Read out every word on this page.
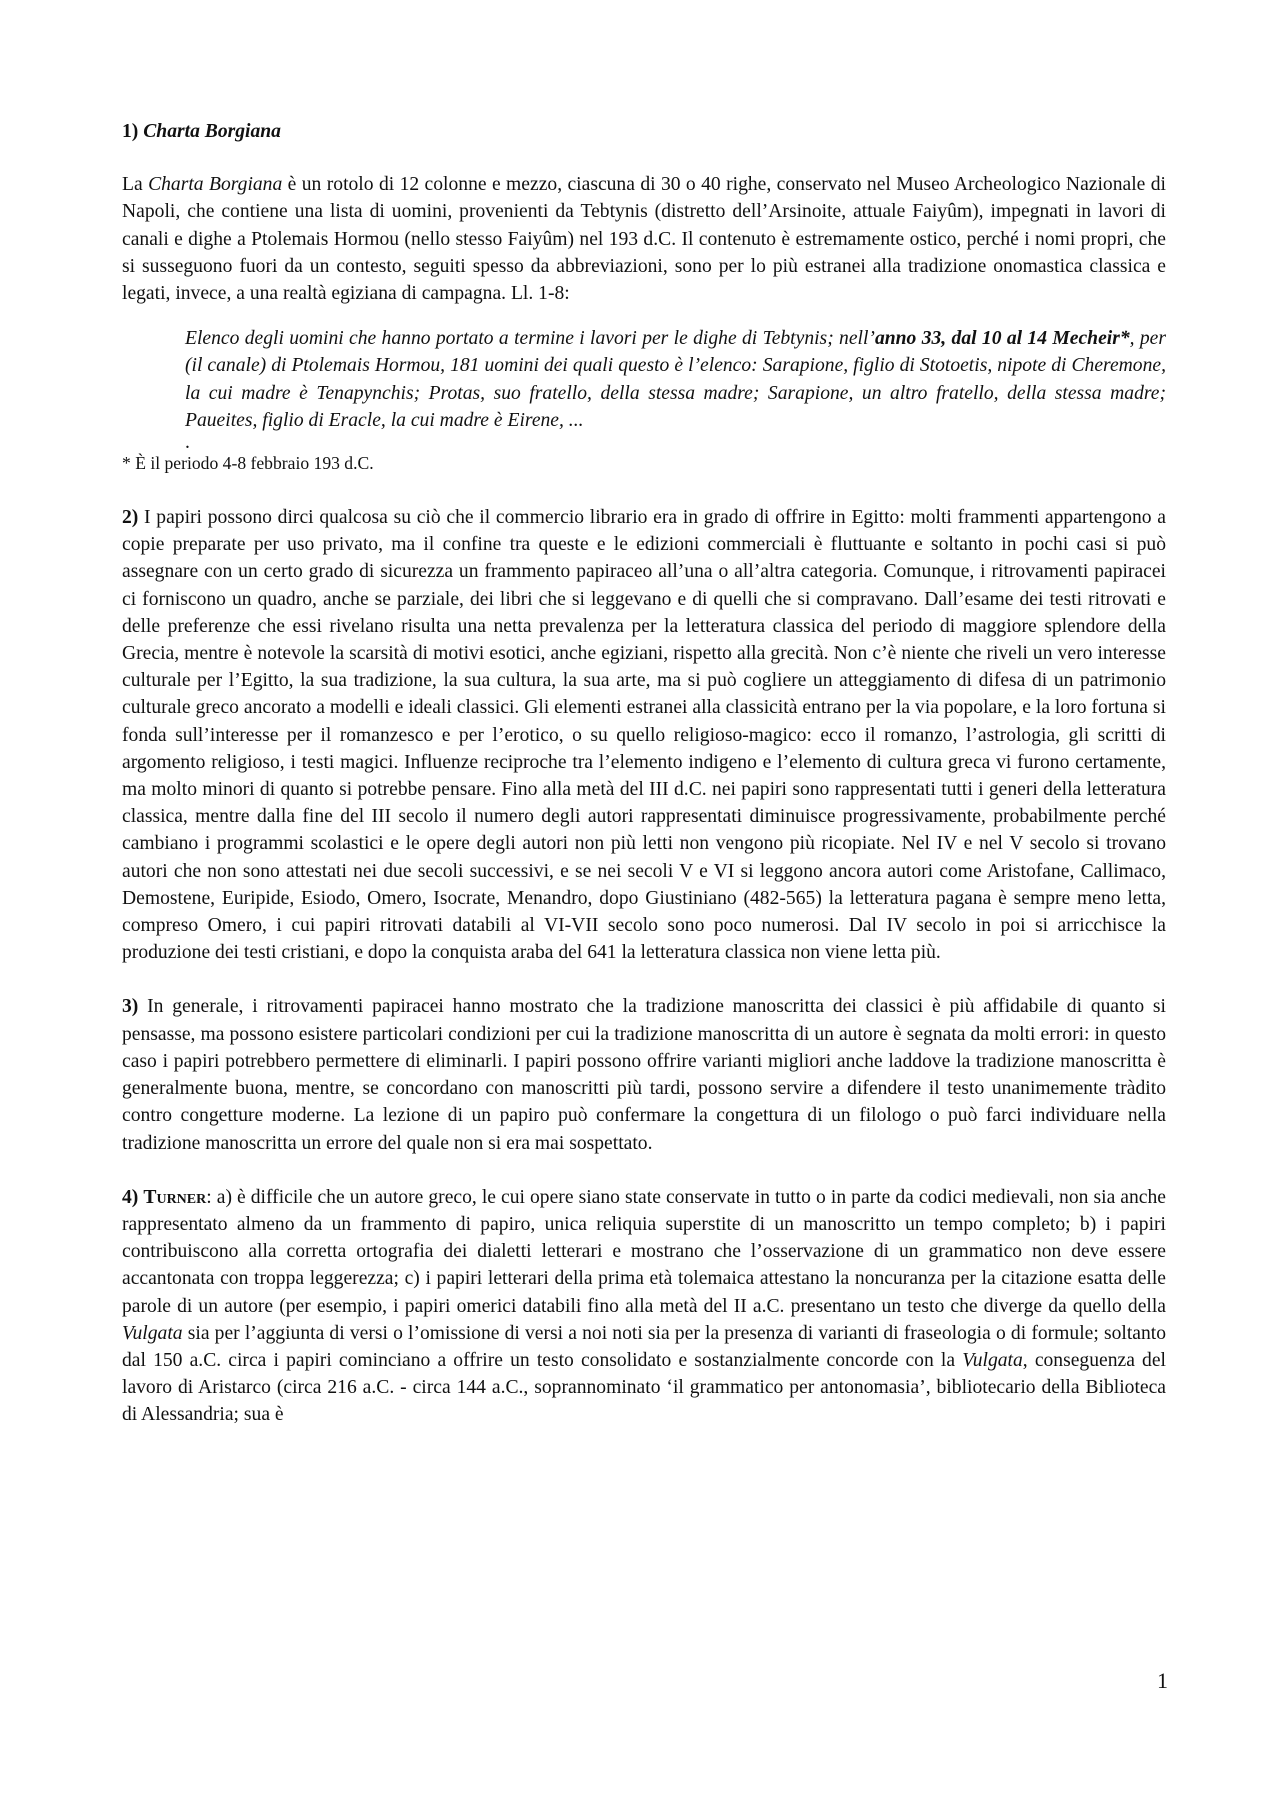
1) Charta Borgiana

La Charta Borgiana è un rotolo di 12 colonne e mezzo, ciascuna di 30 o 40 righe, conservato nel Museo Archeologico Nazionale di Napoli, che contiene una lista di uomini, provenienti da Tebtynis (distretto dell’Arsinoite, attuale Faiyûm), impegnati in lavori di canali e dighe a Ptolemais Hormou (nello stesso Faiyûm) nel 193 d.C. Il contenuto è estremamente ostico, perché i nomi propri, che si susseguono fuori da un contesto, seguiti spesso da abbreviazioni, sono per lo più estranei alla tradizione onomastica classica e legati, invece, a una realtà egiziana di campagna. Ll. 1-8:

Elenco degli uomini che hanno portato a termine i lavori per le dighe di Tebtynis; nell’anno 33, dal 10 al 14 Mecheir*, per (il canale) di Ptolemais Hormou, 181 uomini dei quali questo è l’elenco: Sarapione, figlio di Stotoetis, nipote di Cheremone, la cui madre è Tenapynchis; Protas, suo fratello, della stessa madre; Sarapione, un altro fratello, della stessa madre; Paueites, figlio di Eracle, la cui madre è Eirene, ...

.

* È il periodo 4-8 febbraio 193 d.C.

2) I papiri possono dirci qualcosa su ciò che il commercio librario era in grado di offrire in Egitto: molti frammenti appartengono a copie preparate per uso privato, ma il confine tra queste e le edizioni commerciali è fluttuante e soltanto in pochi casi si può assegnare con un certo grado di sicurezza un frammento papiraceo all’una o all’altra categoria. Comunque, i ritrovamenti papiracei ci forniscono un quadro, anche se parziale, dei libri che si leggevano e di quelli che si compravano. Dall’esame dei testi ritrovati e delle preferenze che essi rivelano risulta una netta prevalenza per la letteratura classica del periodo di maggiore splendore della Grecia, mentre è notevole la scarsità di motivi esotici, anche egiziani, rispetto alla grecità. Non c’è niente che riveli un vero interesse culturale per l’Egitto, la sua tradizione, la sua cultura, la sua arte, ma si può cogliere un atteggiamento di difesa di un patrimonio culturale greco ancorato a modelli e ideali classici. Gli elementi estranei alla classicità entrano per la via popolare, e la loro fortuna si fonda sull’interesse per il romanzesco e per l’erotico, o su quello religioso-magico: ecco il romanzo, l’astrologia, gli scritti di argomento religioso, i testi magici. Influenze reciproche tra l’elemento indigeno e l’elemento di cultura greca vi furono certamente, ma molto minori di quanto si potrebbe pensare. Fino alla metà del III d.C. nei papiri sono rappresentati tutti i generi della letteratura classica, mentre dalla fine del III secolo il numero degli autori rappresentati diminuisce progressivamente, probabilmente perché cambiano i programmi scolastici e le opere degli autori non più letti non vengono più ricopiate. Nel IV e nel V secolo si trovano autori che non sono attestati nei due secoli successivi, e se nei secoli V e VI si leggono ancora autori come Aristofane, Callimaco, Demostene, Euripide, Esiodo, Omero, Isocrate, Menandro, dopo Giustiniano (482-565) la letteratura pagana è sempre meno letta, compreso Omero, i cui papiri ritrovati databili al VI-VII secolo sono poco numerosi. Dal IV secolo in poi si arricchisce la produzione dei testi cristiani, e dopo la conquista araba del 641 la letteratura classica non viene letta più.

3) In generale, i ritrovamenti papiracei hanno mostrato che la tradizione manoscritta dei classici è più affidabile di quanto si pensasse, ma possono esistere particolari condizioni per cui la tradizione manoscritta di un autore è segnata da molti errori: in questo caso i papiri potrebbero permettere di eliminarli. I papiri possono offrire varianti migliori anche laddove la tradizione manoscritta è generalmente buona, mentre, se concordano con manoscritti più tardi, possono servire a difendere il testo unanimemente tràdito contro congetture moderne. La lezione di un papiro può confermare la congettura di un filologo o può farci individuare nella tradizione manoscritta un errore del quale non si era mai sospettato.

4) Turner: a) è difficile che un autore greco, le cui opere siano state conservate in tutto o in parte da codici medievali, non sia anche rappresentato almeno da un frammento di papiro, unica reliquia superstite di un manoscritto un tempo completo; b) i papiri contribuiscono alla corretta ortografia dei dialetti letterari e mostrano che l’osservazione di un grammatico non deve essere accantonata con troppa leggerezza; c) i papiri letterari della prima età tolemaica attestano la noncuranza per la citazione esatta delle parole di un autore (per esempio, i papiri omerici databili fino alla metà del II a.C. presentano un testo che diverge da quello della Vulgata sia per l’aggiunta di versi o l’omissione di versi a noi noti sia per la presenza di varianti di fraseologia o di formule; soltanto dal 150 a.C. circa i papiri cominciano a offrire un testo consolidato e sostanzialmente concorde con la Vulgata, conseguenza del lavoro di Aristarco (circa 216 a.C. - circa 144 a.C., soprannominato ‘il grammatico per antonomasia’, bibliotecario della Biblioteca di Alessandria; sua è

1
